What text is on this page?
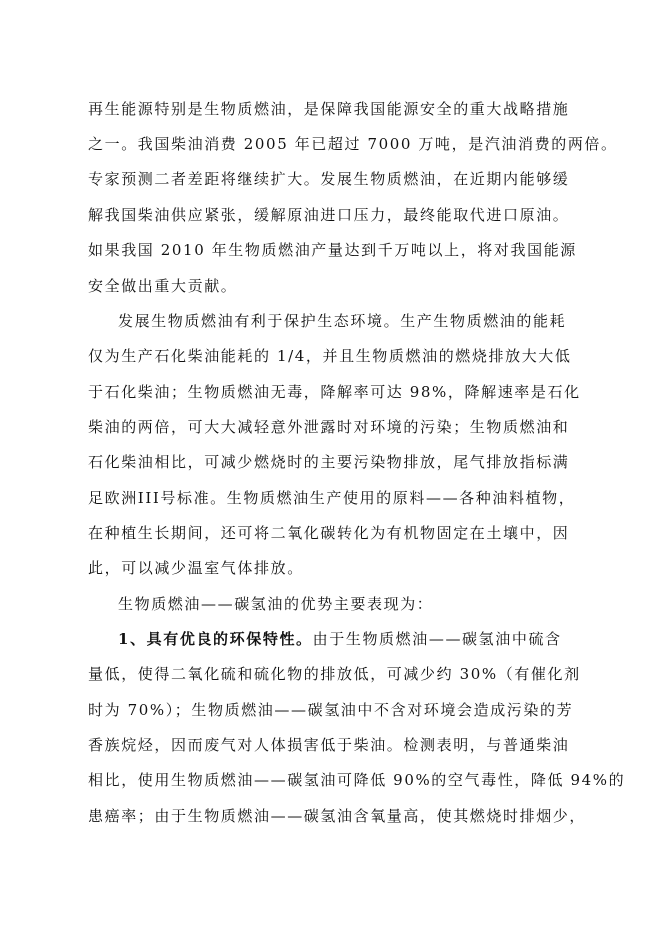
再生能源特别是生物质燃油，是保障我国能源安全的重大战略措施
之一。我国柴油消费 2005 年已超过 7000 万吨，是汽油消费的两倍。
专家预测二者差距将继续扩大。发展生物质燃油，在近期内能够缓
解我国柴油供应紧张，缓解原油进口压力，最终能取代进口原油。
如果我国 2010 年生物质燃油产量达到千万吨以上，将对我国能源
安全做出重大贡献。
发展生物质燃油有利于保护生态环境。生产生物质燃油的能耗
仅为生产石化柴油能耗的 1/4，并且生物质燃油的燃烧排放大大低
于石化柴油；生物质燃油无毒，降解率可达 98%，降解速率是石化
柴油的两倍，可大大减轻意外泄露时对环境的污染；生物质燃油和
石化柴油相比，可减少燃烧时的主要污染物排放，尾气排放指标满
足欧洲III号标准。生物质燃油生产使用的原料——各种油料植物，
在种植生长期间，还可将二氧化碳转化为有机物固定在土壤中，因
此，可以减少温室气体排放。
生物质燃油——碳氢油的优势主要表现为：
1、具有优良的环保特性。由于生物质燃油——碳氢油中硫含
量低，使得二氧化硫和硫化物的排放低，可减少约 30%（有催化剂
时为 70%）；生物质燃油——碳氢油中不含对环境会造成污染的芳
香族烷烃，因而废气对人体损害低于柴油。检测表明，与普通柴油
相比，使用生物质燃油——碳氢油可降低 90%的空气毒性，降低 94%的
患癌率；由于生物质燃油——碳氢油含氧量高，使其燃烧时排烟少，
